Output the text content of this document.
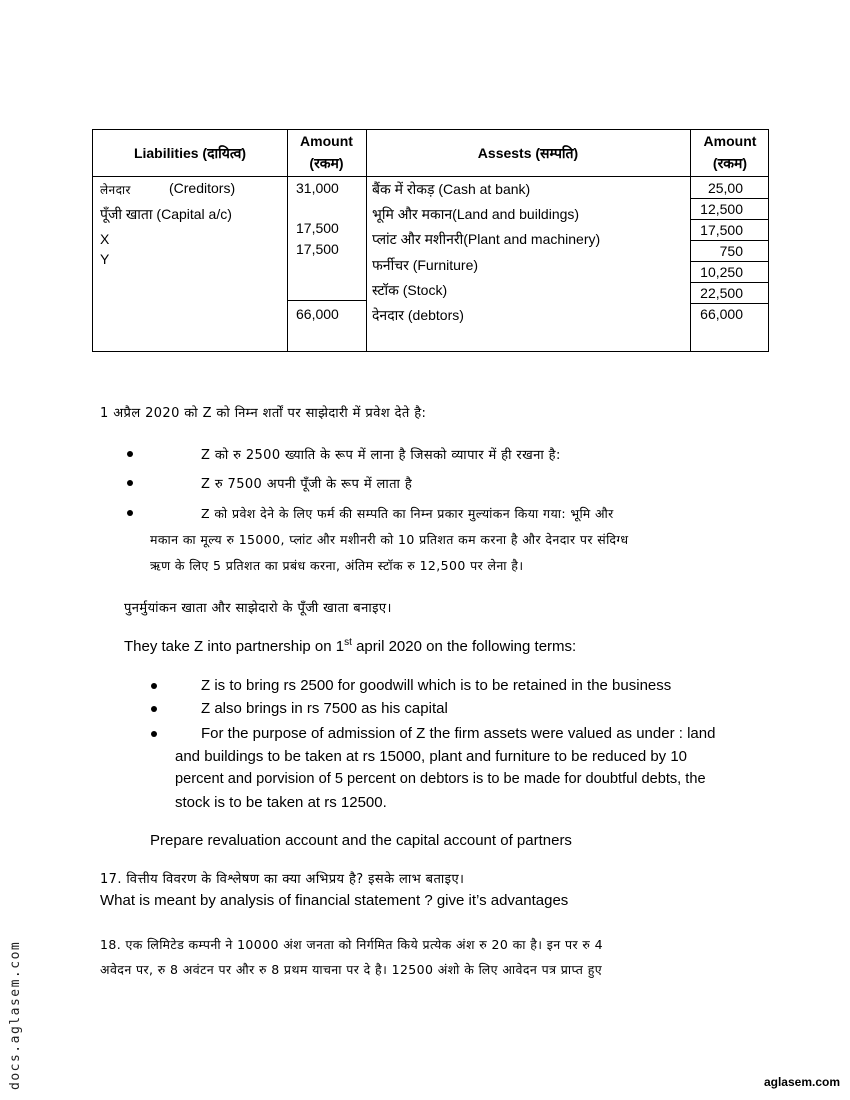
Liabilities (दायित्व)
Amount
(रकम)
Assests (सम्पति)
Amount
(रकम)
लेनदार	(Creditors)
पूँजी खाता (Capital a/c)
X
Y
31,000
17,500
17,500
66,000
बैंक में रोकड़ (Cash at bank)
भूमि और मकान(Land and buildings)
प्लांट और मशीनरी(Plant and machinery)
फर्नीचर (Furniture)
स्टॉक (Stock)
देनदार (debtors)
25,00
12,500
17,500
750
10,250
22,500
66,000
1 अप्रैल 2020 को Z को निम्न शर्तों पर साझेदारी में प्रवेश देते है:
Z को रु 2500 ख्याति के रूप में लाना है जिसको व्यापार में ही रखना है:
Z रु 7500 अपनी पूँजी के रूप में लाता है
Z को प्रवेश देने के लिए फर्म की सम्पति का निम्न प्रकार मुल्यांकन किया गया: भूमि और
मकान का मूल्य रु 15000, प्लांट और मशीनरी को 10 प्रतिशत कम करना है और देनदार पर संदिग्ध
ऋण के लिए 5 प्रतिशत का प्रबंध करना, अंतिम स्टॉक रु 12,500 पर लेना है।
पुनर्मुयांकन खाता और साझेदारो के पूँजी खाता बनाइए।
They take Z into partnership on 1st april 2020 on the following terms:
Z is to bring rs 2500 for goodwill which is to be retained in the business
Z also brings in rs 7500 as his capital
For the purpose of admission of Z the firm assets were valued as under : land
and buildings to be taken at rs 15000, plant and furniture to be reduced by 10
percent and porvision of 5 percent on debtors is to be made for doubtful debts, the
stock is to be taken at rs 12500.
Prepare revaluation account and the capital account of partners
17. वित्तीय विवरण के विश्लेषण का क्या अभिप्रय है? इसके लाभ बताइए।
What is meant by analysis of financial statement ? give it’s advantages
18. एक लिमिटेड कम्पनी ने 10000 अंश जनता को निर्गमित किये प्रत्येक अंश रु 20 का है। इन पर रु 4
अवेदन पर, रु 8 अवंटन पर और रु 8 प्रथम याचना पर दे है। 12500 अंशो के लिए आवेदन पत्र प्राप्त हुए
docs.aglasem.com	aglasem.com
